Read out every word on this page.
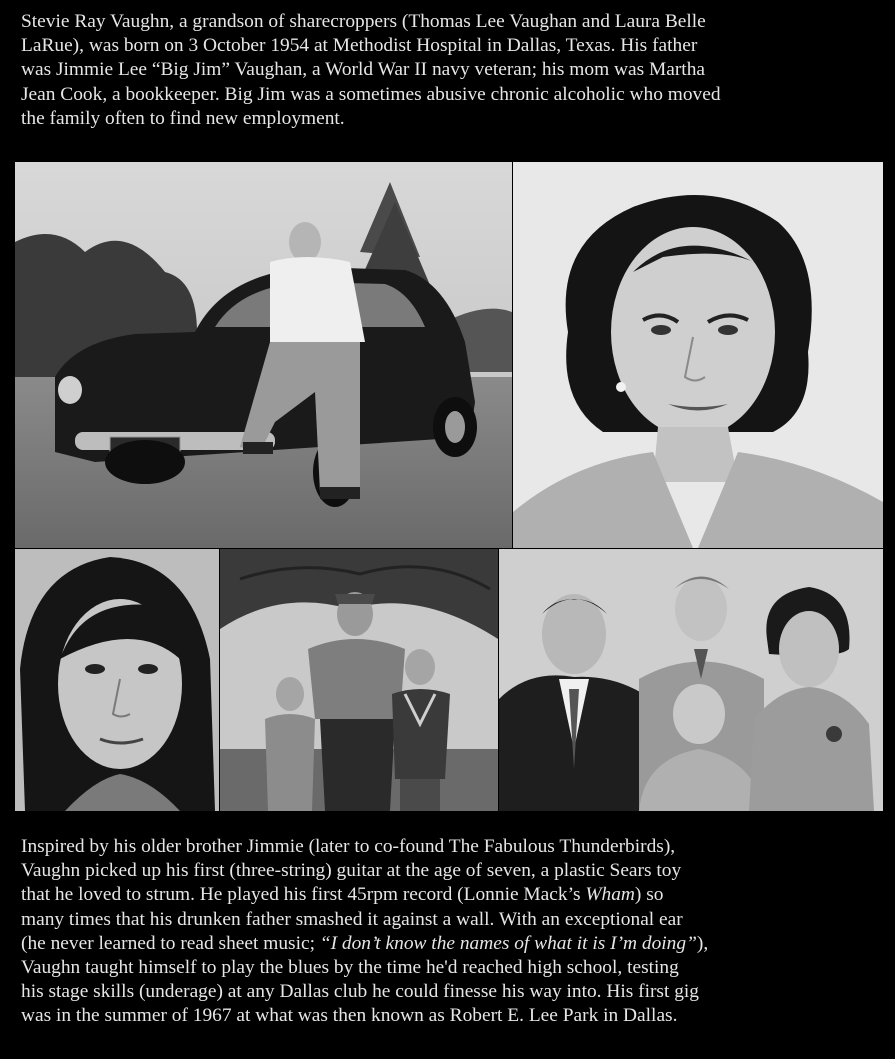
Stevie Ray Vaughn, a grandson of sharecroppers (Thomas Lee Vaughan and Laura Belle
LaRue), was born on 3 October 1954 at Methodist Hospital in Dallas, Texas. His father
was Jimmie Lee “Big Jim” Vaughan, a World War II navy veteran; his mom was Martha
Jean Cook, a bookkeeper. Big Jim was a sometimes abusive chronic alcoholic who moved
the family often to find new employment.
Inspired by his older brother Jimmie (later to co-found The Fabulous Thunderbirds),
Vaughn picked up his first (three-string) guitar at the age of seven, a plastic Sears toy
that he loved to strum. He played his first 45rpm record (Lonnie Mack’s Wham) so
many times that his drunken father smashed it against a wall. With an exceptional ear
(he never learned to read sheet music; “I don’t know the names of what it is I’m doing”),
Vaughn taught himself to play the blues by the time he'd reached high school, testing
his stage skills (underage) at any Dallas club he could finesse his way into. His first gig
was in the summer of 1967 at what was then known as Robert E. Lee Park in Dallas.
